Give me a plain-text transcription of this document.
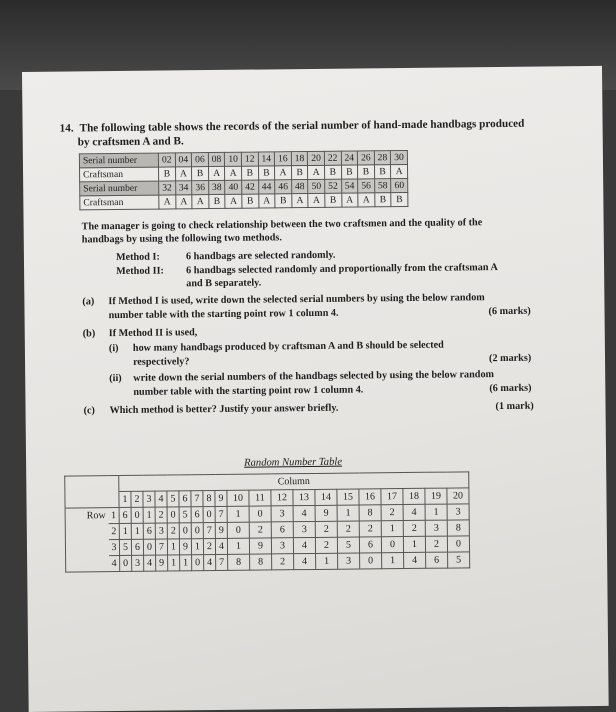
14. The following table shows the records of the serial number of hand-made handbags produced
by craftsmen A and B.
Serial number	02	04	06	08	10	12	14	16	18	20	22	24	26	28	30
Craftsman	B	A	B	A	A	B	B	A	B	A	B	B	B	B	A
Serial number	32	34	36	38	40	42	44	46	48	50	52	54	56	58	60
Craftsman	A	A	A	B	A	B	A	B	A	A	B	A	A	B	B
The manager is going to check relationship between the two craftsmen and the quality of the
handbags by using the following two methods.
Method I:	6 handbags are selected randomly.
Method II: 6 handbags selected randomly and proportionally from the craftsman A
and B separately.
(a) If Method I is used, write down the selected serial numbers by using the below random
number table with the starting point row 1 column 4.	(6 marks)
(b) If Method II is used,
(i) how many handbags produced by craftsman A and B should be selected
respectively?	(2 marks)
(ii) write down the serial numbers of the handbags selected by using the below random
number table with the starting point row 1 column 4.	(6 marks)
(c) Which method is better? Justify your answer briefly.	(1 mark)
Random Number Table
		Column																			
		1	2	3	4	5	6	7	8	9	10	11	12	13	14	15	16	17	18	19	20
Row	1	6	0	1	2	0	5	6	0	7	1	0	3	4	9	1	8	2	4	1	3
	2	1	1	6	3	2	0	0	7	9	0	2	6	3	2	2	2	1	2	3	8
	3	5	6	0	7	1	9	1	2	4	1	9	3	4	2	5	6	0	1	2	0
	4	0	3	4	9	1	1	0	4	7	8	8	2	4	1	3	0	1	4	6	5
